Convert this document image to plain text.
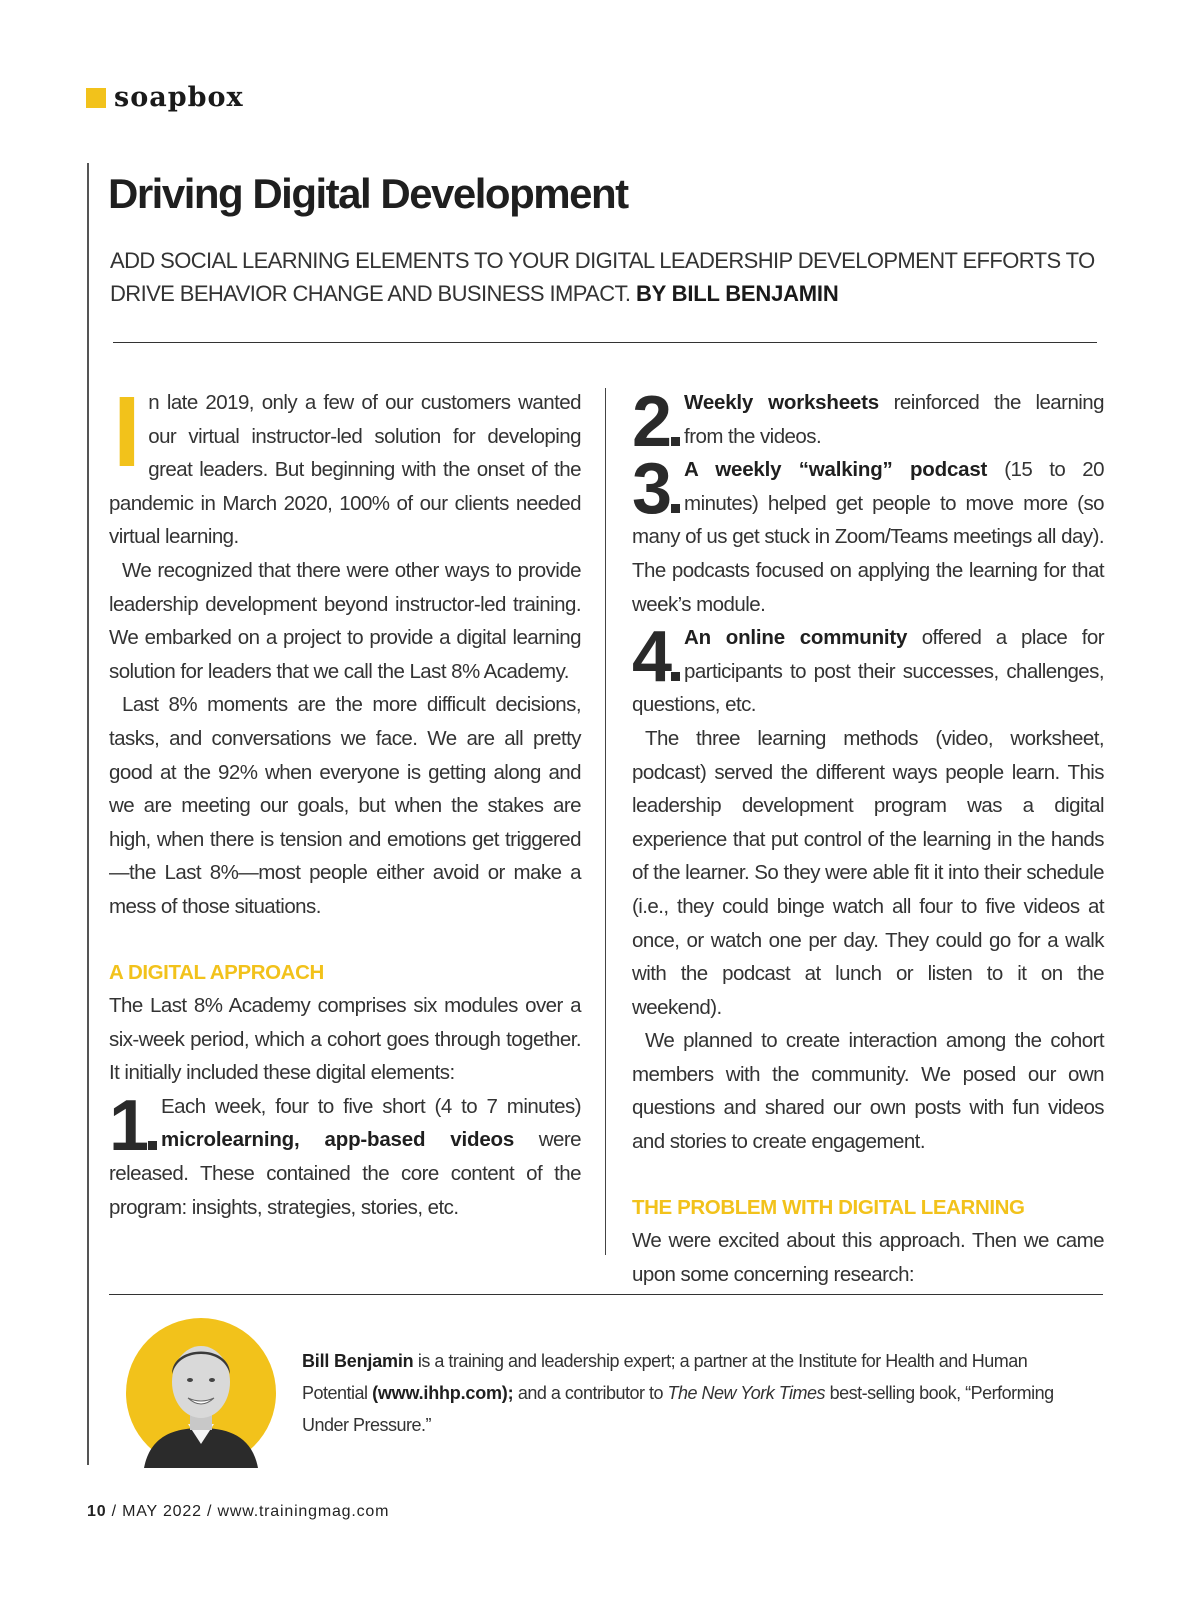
soapbox
Driving Digital Development
ADD SOCIAL LEARNING ELEMENTS TO YOUR DIGITAL LEADERSHIP DEVELOPMENT EFFORTS TO DRIVE BEHAVIOR CHANGE AND BUSINESS IMPACT. BY BILL BENJAMIN

In late 2019, only a few of our customers wanted our virtual instructor-led solution for developing great leaders. But beginning with the onset of the pandemic in March 2020, 100% of our clients needed virtual learning.

We recognized that there were other ways to provide leadership development beyond instructor-led training. We embarked on a project to provide a digital learning solution for leaders that we call the Last 8% Academy.

Last 8% moments are the more difficult decisions, tasks, and conversations we face. We are all pretty good at the 92% when everyone is getting along and we are meeting our goals, but when the stakes are high, when there is tension and emotions get triggered—the Last 8%—most people either avoid or make a mess of those situations.

A DIGITAL APPROACH

The Last 8% Academy comprises six modules over a six-week period, which a cohort goes through together. It initially included these digital elements:

1 Each week, four to five short (4 to 7 minutes) microlearning, app-based videos were released. These contained the core content of the program: insights, strategies, stories, etc.

2 Weekly worksheets reinforced the learning from the videos.

3 A weekly “walking” podcast (15 to 20 minutes) helped get people to move more (so many of us get stuck in Zoom/Teams meetings all day). The podcasts focused on applying the learning for that week’s module.

4 An online community offered a place for participants to post their successes, challenges, questions, etc.

The three learning methods (video, worksheet, podcast) served the different ways people learn. This leadership development program was a digital experience that put control of the learning in the hands of the learner. So they were able fit it into their schedule (i.e., they could binge watch all four to five videos at once, or watch one per day. They could go for a walk with the podcast at lunch or listen to it on the weekend).

We planned to create interaction among the cohort members with the community. We posed our own questions and shared our own posts with fun videos and stories to create engagement.

THE PROBLEM WITH DIGITAL LEARNING

We were excited about this approach. Then we came upon some concerning research:

Bill Benjamin is a training and leadership expert; a partner at the Institute for Health and Human Potential (www.ihhp.com); and a contributor to The New York Times best-selling book, “Performing Under Pressure.”
10 / MAY 2022 / www.trainingmag.com
